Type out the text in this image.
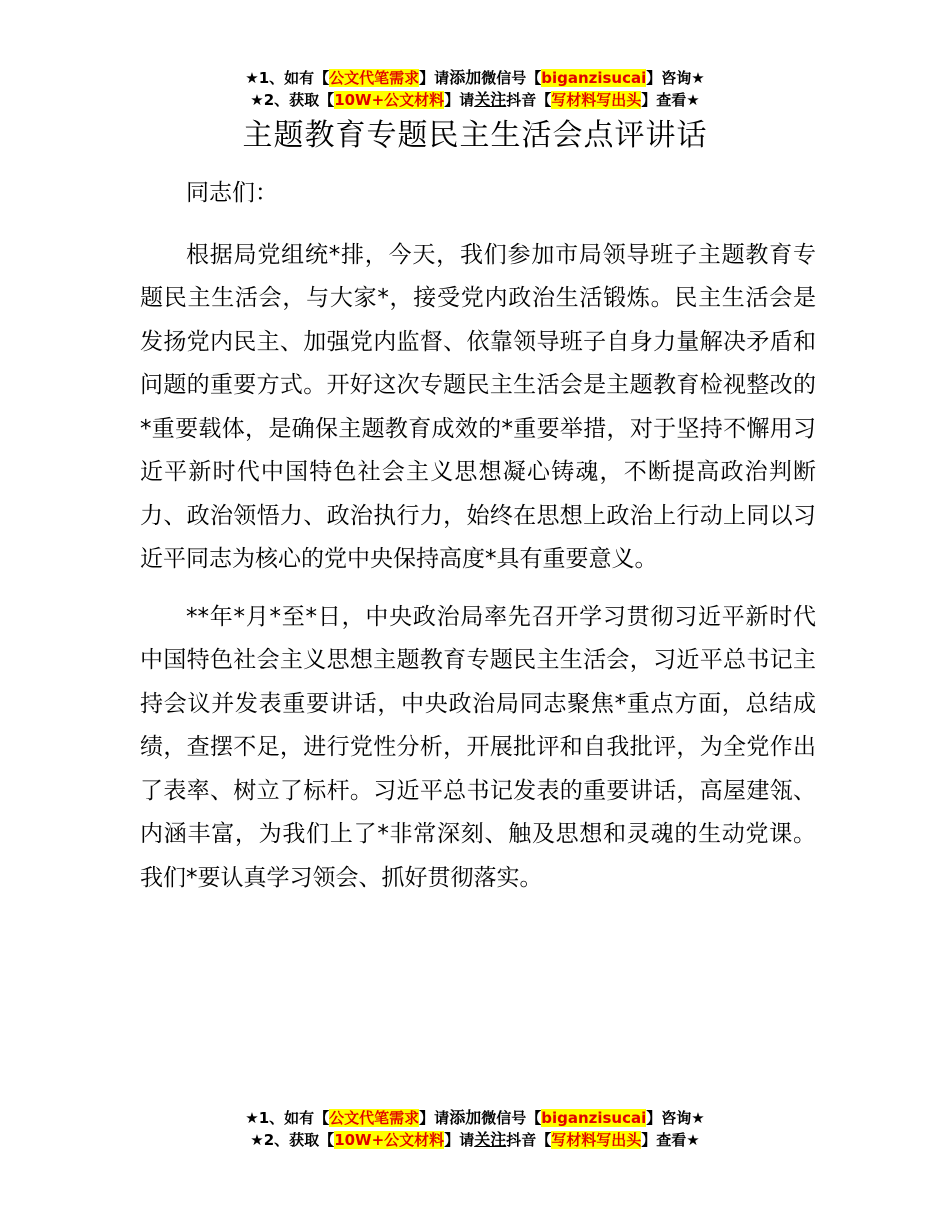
★1、如有【公文代笔需求】请添加微信号【biganzisucai】咨询★
★2、获取【10W+公文材料】请关注抖音【写材料写出头】查看★
主题教育专题民主生活会点评讲话

同志们：

根据局党组统*排，今天，我们参加市局领导班子主题教育专题民主生活会，与大家*，接受党内政治生活锻炼。民主生活会是发扬党内民主、加强党内监督、依靠领导班子自身力量解决矛盾和问题的重要方式。开好这次专题民主生活会是主题教育检视整改的*重要载体，是确保主题教育成效的*重要举措，对于坚持不懈用习近平新时代中国特色社会主义思想凝心铸魂，不断提高政治判断力、政治领悟力、政治执行力，始终在思想上政治上行动上同以习近平同志为核心的党中央保持高度*具有重要意义。

**年*月*至*日，中央政治局率先召开学习贯彻习近平新时代中国特色社会主义思想主题教育专题民主生活会，习近平总书记主持会议并发表重要讲话，中央政治局同志聚焦*重点方面，总结成绩，查摆不足，进行党性分析，开展批评和自我批评，为全党作出了表率、树立了标杆。习近平总书记发表的重要讲话，高屋建瓴、内涵丰富，为我们上了*非常深刻、触及思想和灵魂的生动党课。我们*要认真学习领会、抓好贯彻落实。

★1、如有【公文代笔需求】请添加微信号【biganzisucai】咨询★
★2、获取【10W+公文材料】请关注抖音【写材料写出头】查看★
